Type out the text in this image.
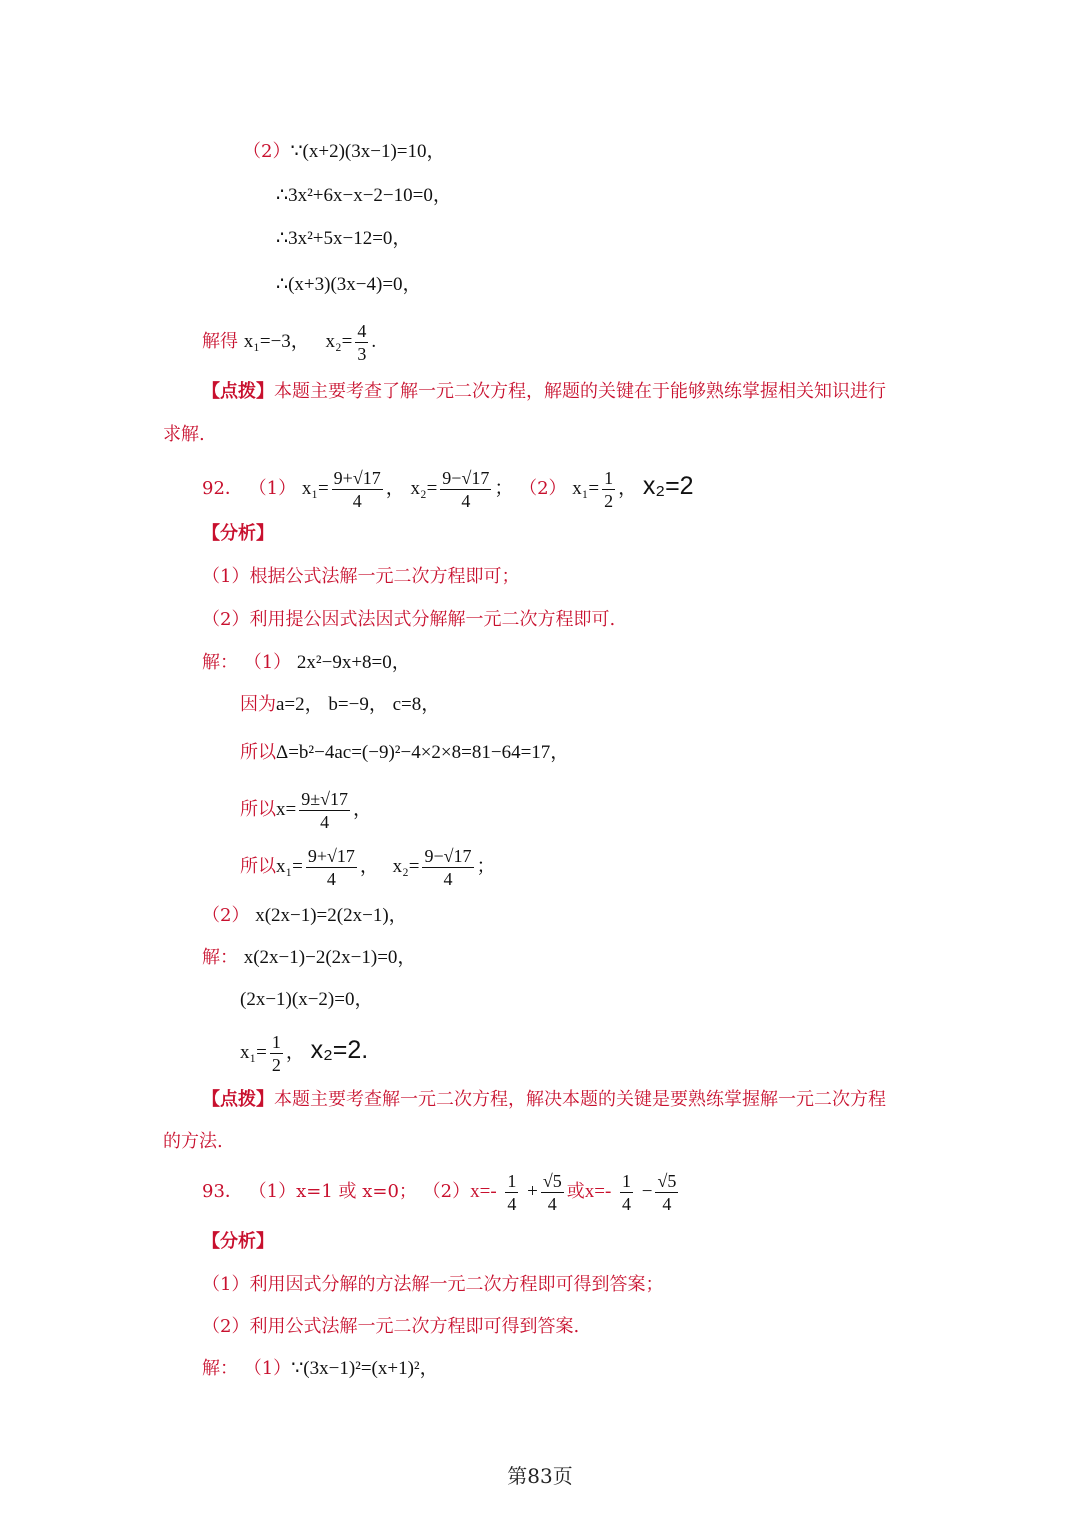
（2）∵(x+2)(3x−1)=10，
∴3x²+6x−x−2−10=0，
∴3x²+5x−12=0，
∴(x+3)(3x−4)=0，
解得 x₁=−3， $x_2= \frac{4}{3}$ .
【点拨】本题主要考查了解一元二次方程，解题的关键在于能够熟练掌握相关知识进行
求解.
92． （1） $x_1= \frac{9+√17}{4}$ ， $x_2= \frac{9-√17}{4}$ ； （2） $x_1= \frac{1}{2}$ ， x₂=2
【分析】
（1）根据公式法解一元二次方程即可；
（2）利用提公因式法因式分解解一元二次方程即可.
解： （1） 2x²−9x+8=0，
因为a=2， b=−9， c=8，
所以Δ=b²−4ac=(−9)²−4×2×8=81−64=17，
所以$x= \frac{9\pm√17}{4}$ ，
所以$x_1= \frac{9+√17}{4}$ ， $x_2= \frac{9-√17}{4}$ ；
（2） x(2x−1)=2(2x−1)，
解： x(2x−1)−2(2x−1)=0，
(2x−1)(x−2)=0，
$x_1= \frac{1}{2}$ ， x₂=2.
【点拨】本题主要考查解一元二次方程，解决本题的关键是要熟练掌握解一元二次方程
的方法.
93． （1）x=1 或 x=0； $(2)x=- \frac{1}{4} + \frac{√5}{4}$ 或$x=- \frac{1}{4} - \frac{√5}{4}$
【分析】
（1）利用因式分解的方法解一元二次方程即可得到答案；
（2）利用公式法解一元二次方程即可得到答案.
解： （1）∵(3x−1)²=(x+1)²，
第83页
